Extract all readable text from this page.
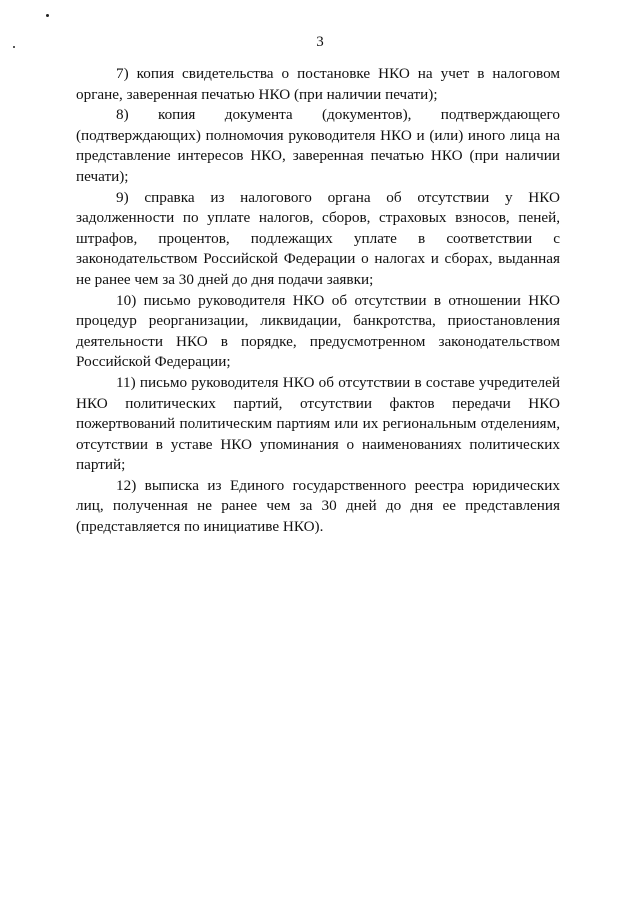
3

7) копия свидетельства о постановке НКО на учет в налоговом органе, заверенная печатью НКО (при наличии печати);

8) копия документа (документов), подтверждающего (подтверждающих) полномочия руководителя НКО и (или) иного лица на представление интересов НКО, заверенная печатью НКО (при наличии печати);

9) справка из налогового органа об отсутствии у НКО задолженности по уплате налогов, сборов, страховых взносов, пеней, штрафов, процентов, подлежащих уплате в соответствии с законодательством Российской Федерации о налогах и сборах, выданная не ранее чем за 30 дней до дня подачи заявки;

10) письмо руководителя НКО об отсутствии в отношении НКО процедур реорганизации, ликвидации, банкротства, приостановления деятельности НКО в порядке, предусмотренном законодательством Российской Федерации;

11) письмо руководителя НКО об отсутствии в составе учредителей НКО политических партий, отсутствии фактов передачи НКО пожертвований политическим партиям или их региональным отделениям, отсутствии в уставе НКО упоминания о наименованиях политических партий;

12) выписка из Единого государственного реестра юридических лиц, полученная не ранее чем за 30 дней до дня ее представления (представляется по инициативе НКО).
